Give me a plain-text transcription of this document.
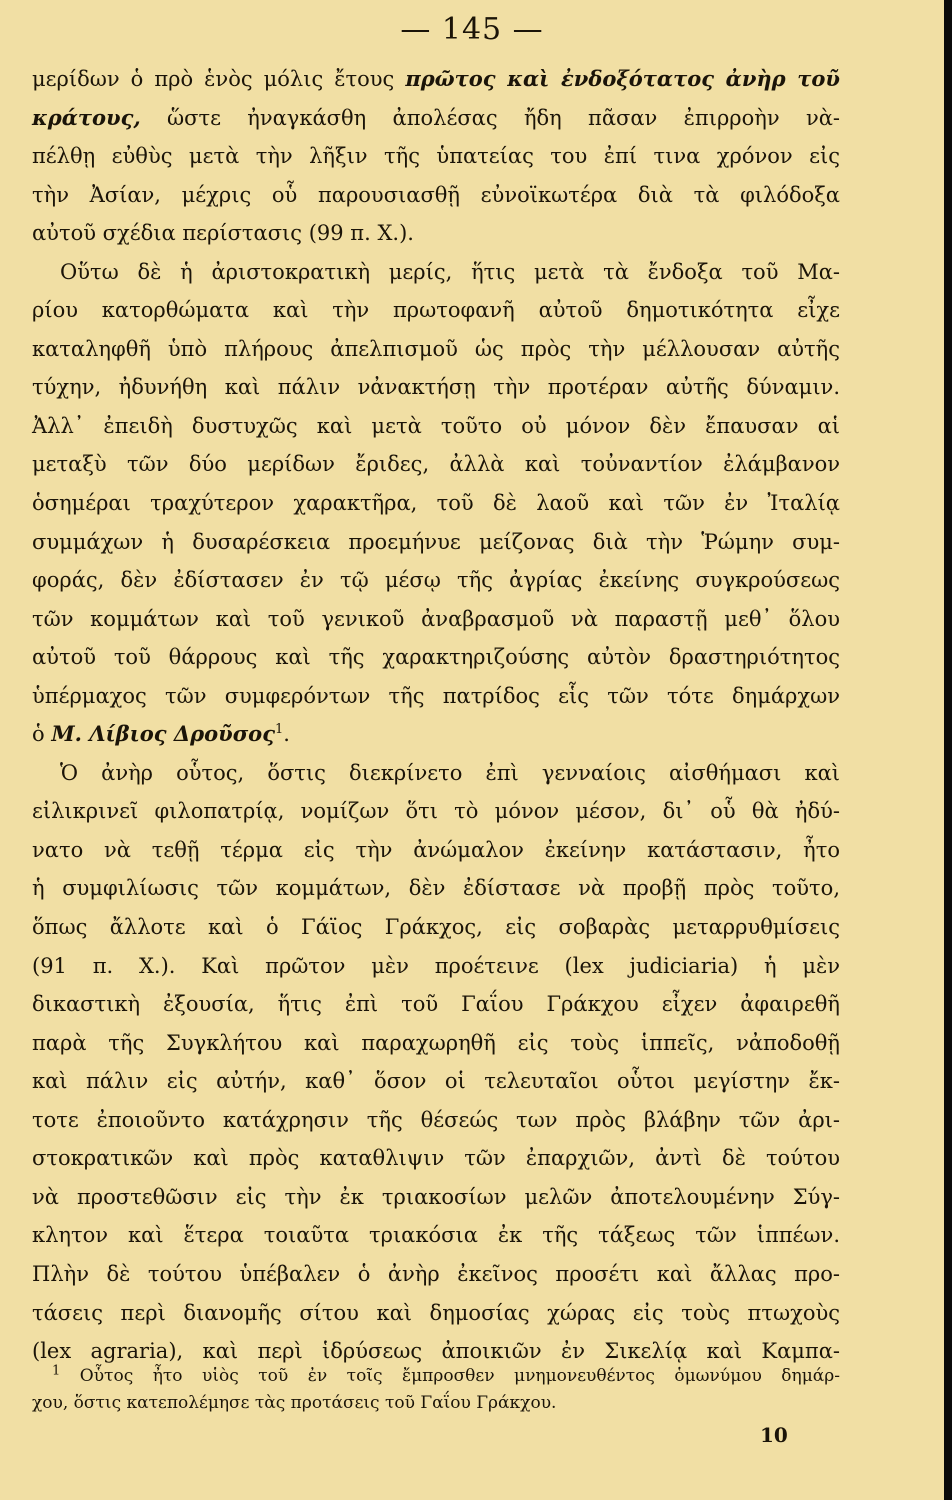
— 145 —
μερίδων ὁ πρὸ ἑνὸς μόλις ἔτους πρῶτος καὶ ἐνδοξότατος ἀνὴρ τοῦ
κράτους, ὥστε ἠναγκάσθη ἀπολέσας ἤδη πᾶσαν ἐπιρροὴν νὰ-
πέλθῃ εὐθὺς μετὰ τὴν λῆξιν τῆς ὑπατείας του ἐπί τινα χρόνον εἰς
τὴν Ἀσίαν, μέχρις οὗ παρουσιασθῇ εὐνοϊκωτέρα διὰ τὰ φιλόδοξα
αὐτοῦ σχέδια περίστασις (99 π. Χ.).
Οὕτω δὲ ἡ ἀριστοκρατικὴ μερίς, ἥτις μετὰ τὰ ἔνδοξα τοῦ Μα-
ρίου κατορθώματα καὶ τὴν πρωτοφανῆ αὐτοῦ δημοτικότητα εἶχε
καταληφθῆ ὑπὸ πλήρους ἀπελπισμοῦ ὡς πρὸς τὴν μέλλουσαν αὐτῆς
τύχην, ἠδυνήθη καὶ πάλιν νἀνακτήσῃ τὴν προτέραν αὐτῆς δύναμιν.
Ἀλλ᾽ ἐπειδὴ δυστυχῶς καὶ μετὰ τοῦτο οὐ μόνον δὲν ἔπαυσαν αἱ
μεταξὺ τῶν δύο μερίδων ἔριδες, ἀλλὰ καὶ τοὐναντίον ἐλάμβανον
ὁσημέραι τραχύτερον χαρακτῆρα, τοῦ δὲ λαοῦ καὶ τῶν ἐν Ἰταλίᾳ
συμμάχων ἡ δυσαρέσκεια προεμήνυε μείζονας διὰ τὴν Ῥώμην συμ-
φοράς, δὲν ἐδίστασεν ἐν τῷ μέσῳ τῆς ἀγρίας ἐκείνης συγκρούσεως
τῶν κομμάτων καὶ τοῦ γενικοῦ ἀναβρασμοῦ νὰ παραστῇ μεθ᾽ ὅλου
αὐτοῦ τοῦ θάρρους καὶ τῆς χαρακτηριζούσης αὐτὸν δραστηριότητος
ὑπέρμαχος τῶν συμφερόντων τῆς πατρίδος εἷς τῶν τότε δημάρχων
ὁ Μ. Λίβιος Δροῦσος$^1$.
Ὁ ἀνὴρ οὗτος, ὅστις διεκρίνετο ἐπὶ γενναίοις αἰσθήμασι καὶ
εἰλικρινεῖ φιλοπατρίᾳ, νομίζων ὅτι τὸ μόνον μέσον, δι᾽ οὗ θὰ ἠδύ-
νατο νὰ τεθῇ τέρμα εἰς τὴν ἀνώμαλον ἐκείνην κατάστασιν, ἦτο
ἡ συμφιλίωσις τῶν κομμάτων, δὲν ἐδίστασε νὰ προβῇ πρὸς τοῦτο,
ὅπως ἄλλοτε καὶ ὁ Γάϊος Γράκχος, εἰς σοβαρὰς μεταρρυθμίσεις
(91 π. Χ.). Καὶ πρῶτον μὲν προέτεινε (lex judiciaria) ἡ μὲν
δικαστικὴ ἐξουσία, ἥτις ἐπὶ τοῦ Γαΐου Γράκχου εἶχεν ἀφαιρεθῆ
παρὰ τῆς Συγκλήτου καὶ παραχωρηθῆ εἰς τοὺς ἱππεῖς, νἀποδοθῇ
καὶ πάλιν εἰς αὐτήν, καθ᾽ ὅσον οἱ τελευταῖοι οὗτοι μεγίστην ἔκ-
τοτε ἐποιοῦντο κατάχρησιν τῆς θέσεώς των πρὸς βλάβην τῶν ἀρι-
στοκρατικῶν καὶ πρὸς καταθλιψιν τῶν ἐπαρχιῶν, ἀντὶ δὲ τούτου
νὰ προστεθῶσιν εἰς τὴν ἐκ τριακοσίων μελῶν ἀποτελουμένην Σύγ-
κλητον καὶ ἕτερα τοιαῦτα τριακόσια ἐκ τῆς τάξεως τῶν ἱππέων.
Πλὴν δὲ τούτου ὑπέβαλεν ὁ ἀνὴρ ἐκεῖνος προσέτι καὶ ἄλλας προ-
τάσεις περὶ διανομῆς σίτου καὶ δημοσίας χώρας εἰς τοὺς πτωχοὺς
(lex agraria), καὶ περὶ ἱδρύσεως ἀποικιῶν ἐν Σικελίᾳ καὶ Καμπα-
$^1$ Οὗτος ἦτο υἱὸς τοῦ ἐν τοῖς ἔμπροσθεν μνημονευθέντος ὁμωνύμου δημάρ-
χου, ὅστις κατεπολέμησε τὰς προτάσεις τοῦ Γαΐου Γράκχου.
10
